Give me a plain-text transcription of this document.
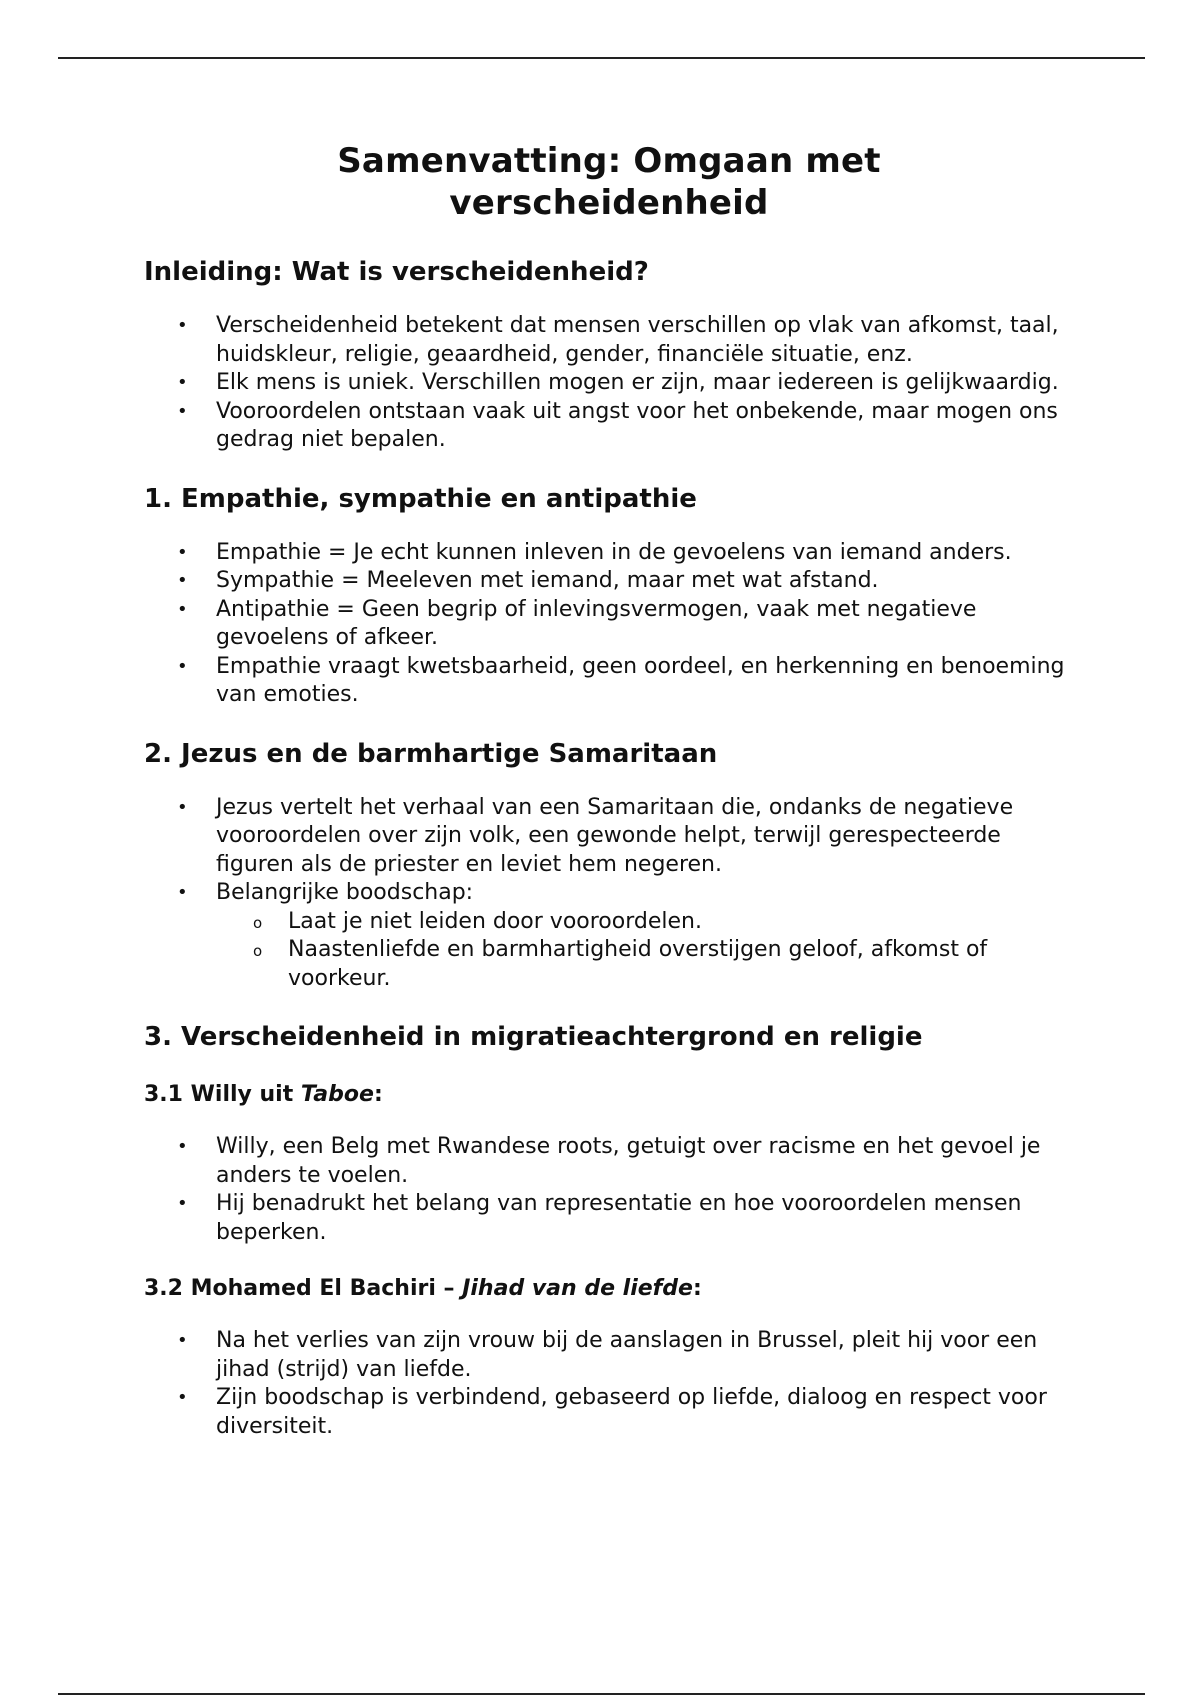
Samenvatting: Omgaan met verscheidenheid
Inleiding: Wat is verscheidenheid?
• Verscheidenheid betekent dat mensen verschillen op vlak van afkomst, taal, huidskleur, religie, geaardheid, gender, financiële situatie, enz.
• Elk mens is uniek. Verschillen mogen er zijn, maar iedereen is gelijkwaardig.
• Vooroordelen ontstaan vaak uit angst voor het onbekende, maar mogen ons gedrag niet bepalen.
1. Empathie, sympathie en antipathie
• Empathie = Je echt kunnen inleven in de gevoelens van iemand anders.
• Sympathie = Meeleven met iemand, maar met wat afstand.
• Antipathie = Geen begrip of inlevingsvermogen, vaak met negatieve gevoelens of afkeer.
• Empathie vraagt kwetsbaarheid, geen oordeel, en herkenning en benoeming van emoties.
2. Jezus en de barmhartige Samaritaan
• Jezus vertelt het verhaal van een Samaritaan die, ondanks de negatieve vooroordelen over zijn volk, een gewonde helpt, terwijl gerespecteerde figuren als de priester en leviet hem negeren.
• Belangrijke boodschap:
o Laat je niet leiden door vooroordelen.
o Naastenliefde en barmhartigheid overstijgen geloof, afkomst of voorkeur.
3. Verscheidenheid in migratieachtergrond en religie
3.1 Willy uit Taboe:
• Willy, een Belg met Rwandese roots, getuigt over racisme en het gevoel je anders te voelen.
• Hij benadrukt het belang van representatie en hoe vooroordelen mensen beperken.
3.2 Mohamed El Bachiri – Jihad van de liefde:
• Na het verlies van zijn vrouw bij de aanslagen in Brussel, pleit hij voor een jihad (strijd) van liefde.
• Zijn boodschap is verbindend, gebaseerd op liefde, dialoog en respect voor diversiteit.
